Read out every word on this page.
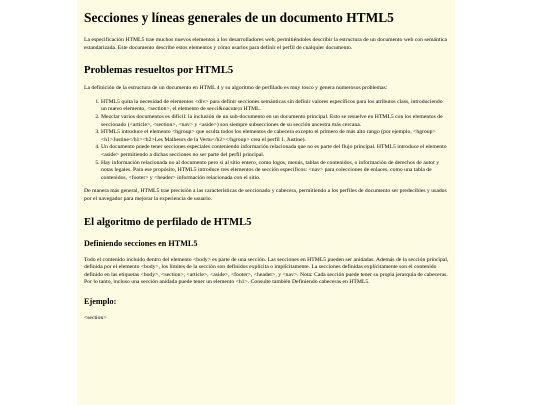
Secciones y líneas generales de un documento HTML5

La especificación HTML5 trae muchos nuevos elementos a los desarrolladores web, permitiéndoles describir la estructura de un documento web con semántica estandarizada. Este documento describe estos elementos y cómo usarlos para definir el perfil de cualquier documento.

Problemas resueltos por HTML5

La definición de la estructura de un documento en HTML 4 y su algoritmo de perfilado es muy tosco y genera numerosos problemas:

1. HTML5 quita la necesidad de elementos <div> para definir secciones semánticas sin definir valores específicos para los atributos class, introduciendo un nuevo elemento, <section>, el elemento de secci&oacute;n HTML.
2. Mezclar varios documentos es difícil: la inclusión de un sub-documento en un documento principal. Esto se resuelve en HTML5 con los elementos de seccionado (<article>, <section>, <nav> y <aside>) son siempre subsecciones de su sección ancestra más cercana.
3. HTML5 introduce el elemento <hgroup> que oculta todos los elementos de cabecera excepto el primero de más alto rango (por ejemplo, <hgroup><h1>Justine</h1><h2>Les Malheurs de la Vertu</h2></hgroup> crea el perfil 1. Justine).
4. Un documento puede tener secciones especiales conteniendo información relacionada que no es parte del flujo principal. HTML5 introduce el elemento <aside> permitiendo a dichas secciones no ser parte del perfil principal.
5. Hay información relacionada no al documento pero si al sitio entero, como logos, menús, tablas de contenidos, o información de derechos de autor y notas legales. Para ese propósito, HTML5 introduce tres elementos de sección específicos: <nav> para colecciones de enlaces, como una tabla de contenidos, <footer> y <header> información relacionada con el sitio.

De manera más general, HTML5 trae precisión a las características de seccionado y cabecera, permitiendo a los perfiles de documento ser predecibles y usados por el navegador para mejorar la experiencia de usuario.

El algoritmo de perfilado de HTML5
Definiendo secciones en HTML5

Todo el contenido incluido dentro del elemento <body> es parte de una sección. Las secciones en HTML5 pueden ser anidadas. Además de la sección principal, definida por el elemento <body>, los límites de la sección son definidos explícita o implícitamente. La secciones definidas explícitamente son el contenido definido en las etiquetas <body>, <section>, <article>, <aside>, <footer>, <header>, y <nav>. Nota: Cada sección puede tener su propia jerarquía de cabeceras. Por lo tanto, incluso una sección anidada puede tener un elemento <h1>. Consulte también Definiendo cabeceras en HTML5.

Ejemplo:

<section>
